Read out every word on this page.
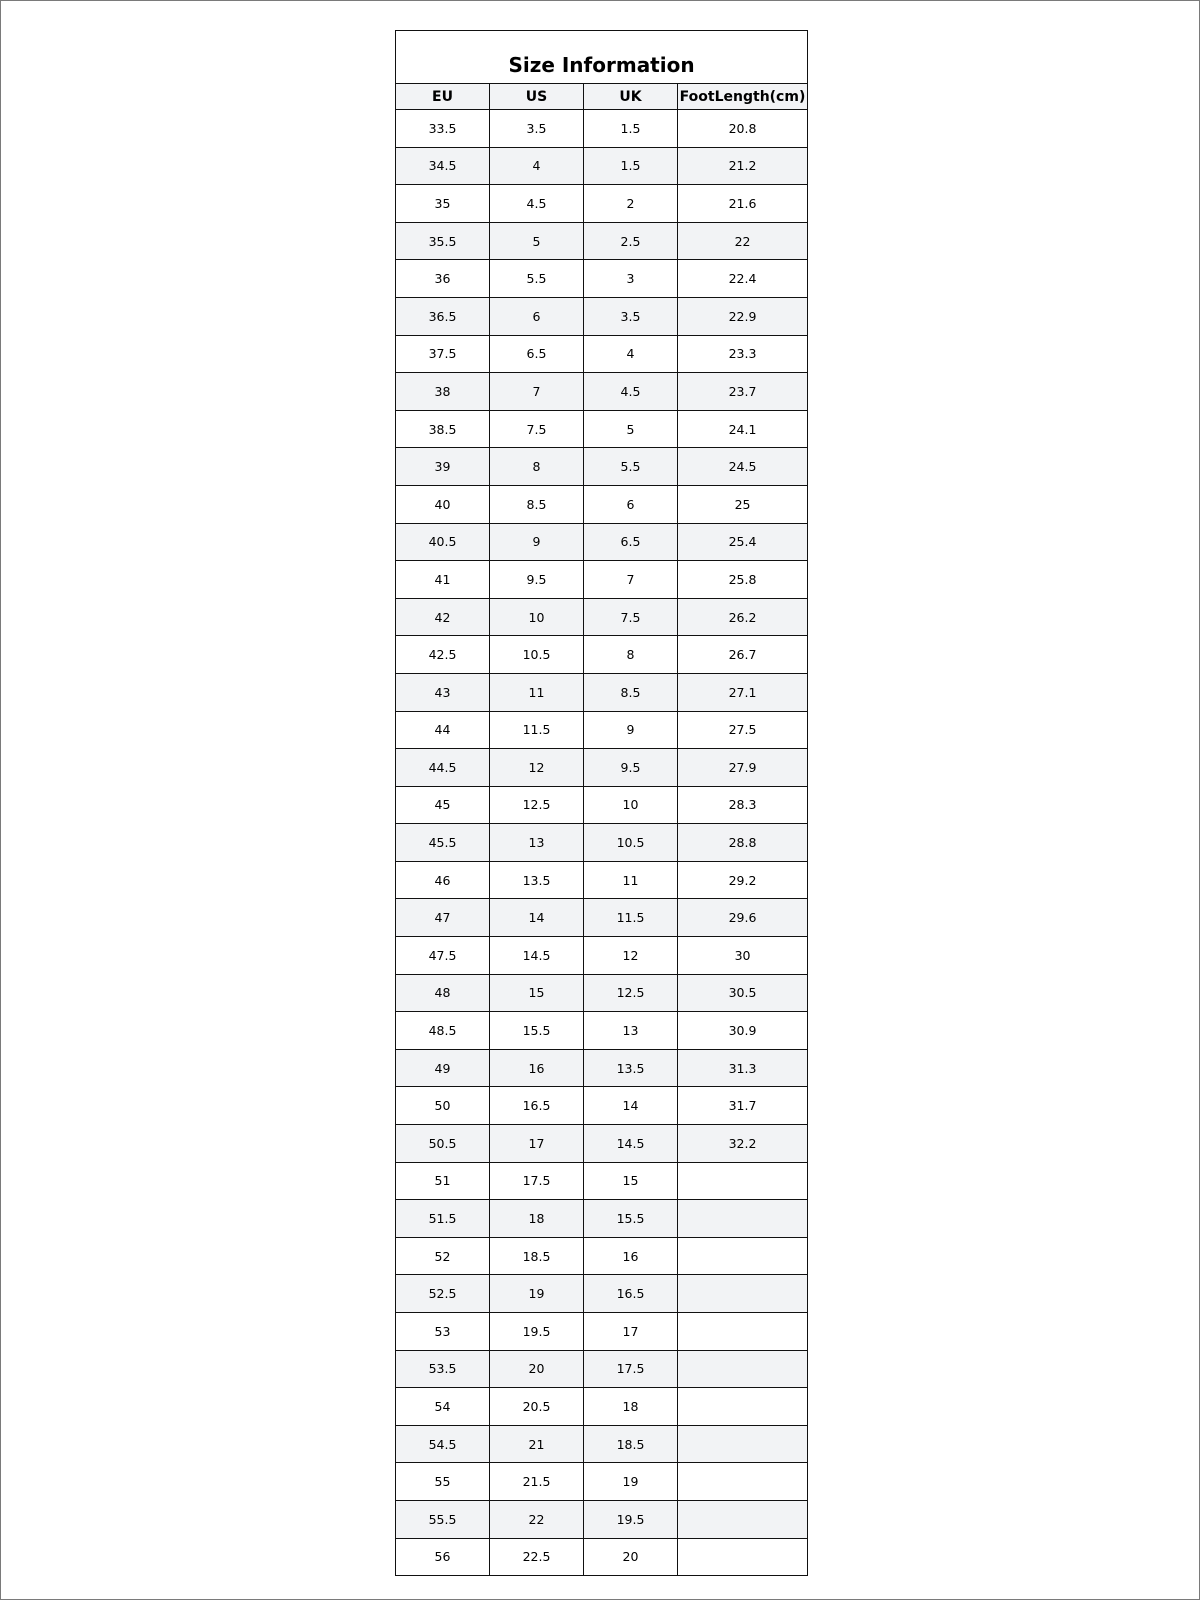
Size Information			
EU	US	UK	FootLength(cm)
33.5	3.5	1.5	20.8
34.5	4	1.5	21.2
35	4.5	2	21.6
35.5	5	2.5	22
36	5.5	3	22.4
36.5	6	3.5	22.9
37.5	6.5	4	23.3
38	7	4.5	23.7
38.5	7.5	5	24.1
39	8	5.5	24.5
40	8.5	6	25
40.5	9	6.5	25.4
41	9.5	7	25.8
42	10	7.5	26.2
42.5	10.5	8	26.7
43	11	8.5	27.1
44	11.5	9	27.5
44.5	12	9.5	27.9
45	12.5	10	28.3
45.5	13	10.5	28.8
46	13.5	11	29.2
47	14	11.5	29.6
47.5	14.5	12	30
48	15	12.5	30.5
48.5	15.5	13	30.9
49	16	13.5	31.3
50	16.5	14	31.7
50.5	17	14.5	32.2
51	17.5	15	
51.5	18	15.5	
52	18.5	16	
52.5	19	16.5	
53	19.5	17	
53.5	20	17.5	
54	20.5	18	
54.5	21	18.5	
55	21.5	19	
55.5	22	19.5	
56	22.5	20	
